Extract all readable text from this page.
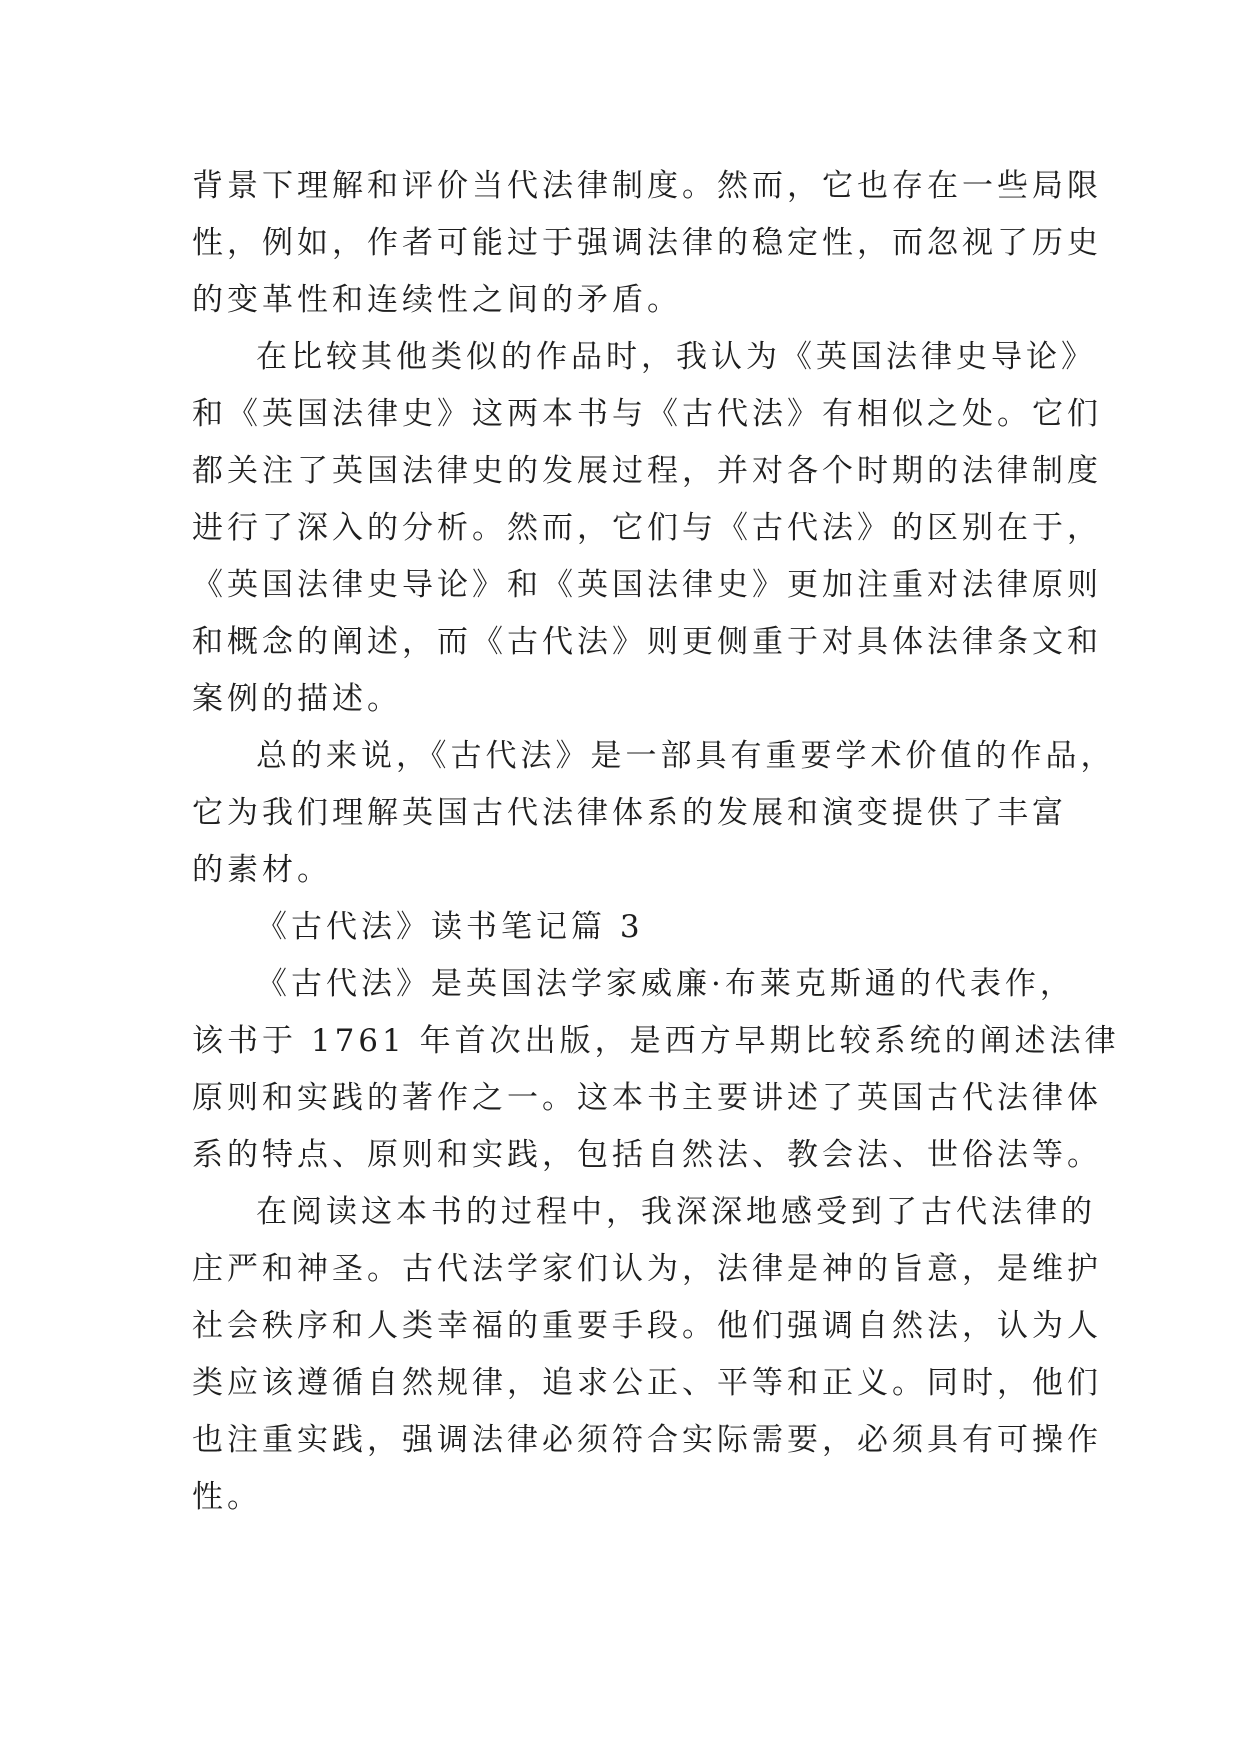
背景下理解和评价当代法律制度。然而，它也存在一些局限
性，例如，作者可能过于强调法律的稳定性，而忽视了历史
的变革性和连续性之间的矛盾。
在比较其他类似的作品时，我认为《英国法律史导论》
和《英国法律史》这两本书与《古代法》有相似之处。它们
都关注了英国法律史的发展过程，并对各个时期的法律制度
进行了深入的分析。然而，它们与《古代法》的区别在于，
《英国法律史导论》和《英国法律史》更加注重对法律原则
和概念的阐述，而《古代法》则更侧重于对具体法律条文和
案例的描述。
总的来说，《古代法》是一部具有重要学术价值的作品，
它为我们理解英国古代法律体系的发展和演变提供了丰富
的素材。
《古代法》读书笔记篇 3
《古代法》是英国法学家威廉·布莱克斯通的代表作，
该书于 1761 年首次出版，是西方早期比较系统的阐述法律
原则和实践的著作之一。这本书主要讲述了英国古代法律体
系的特点、原则和实践，包括自然法、教会法、世俗法等。
在阅读这本书的过程中，我深深地感受到了古代法律的
庄严和神圣。古代法学家们认为，法律是神的旨意，是维护
社会秩序和人类幸福的重要手段。他们强调自然法，认为人
类应该遵循自然规律，追求公正、平等和正义。同时，他们
也注重实践，强调法律必须符合实际需要，必须具有可操作
性。
